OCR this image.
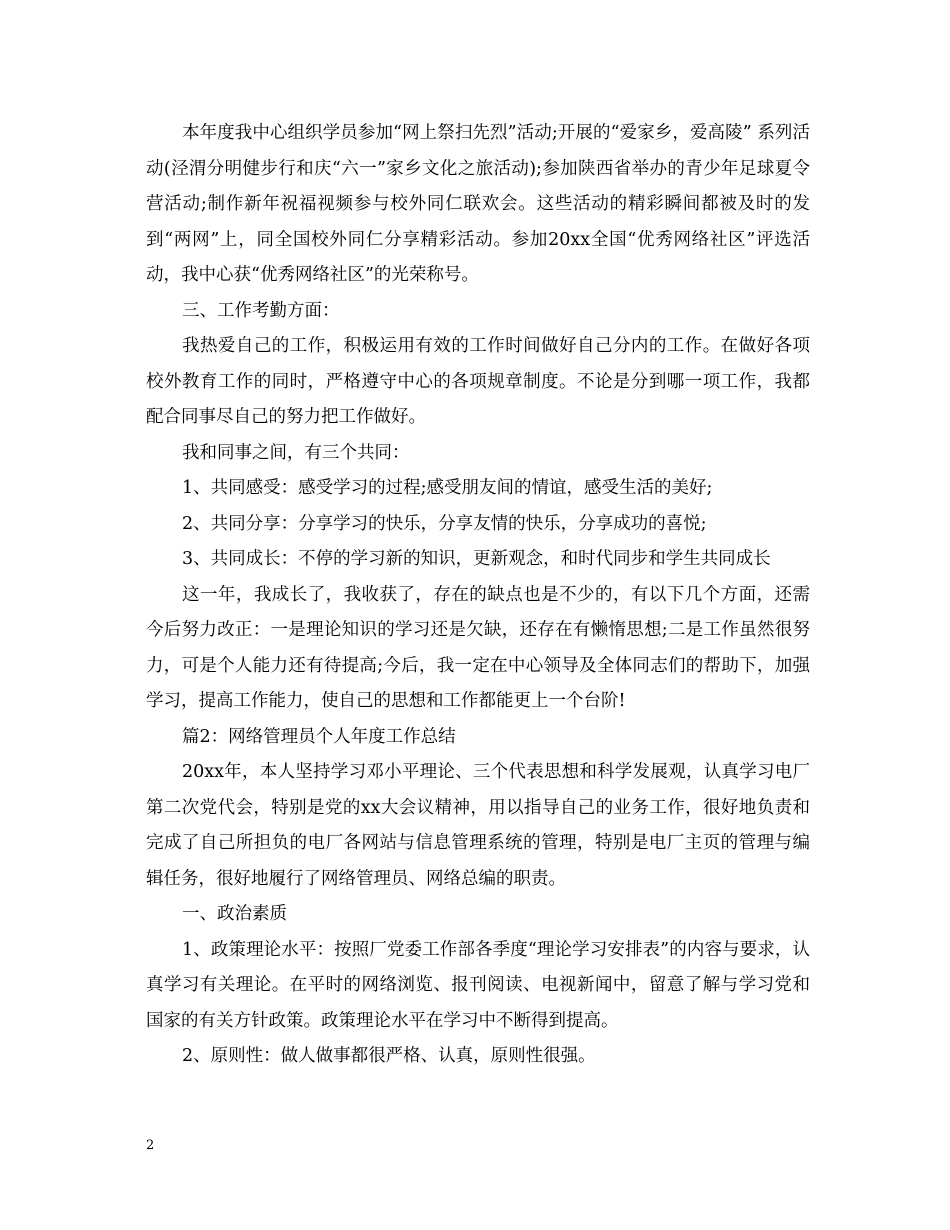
本年度我中心组织学员参加“网上祭扫先烈”活动;开展的“爱家乡，爱高陵” 系列活动(泾渭分明健步行和庆“六一”家乡文化之旅活动);参加陕西省举办的青少年足球夏令营活动;制作新年祝福视频参与校外同仁联欢会。这些活动的精彩瞬间都被及时的发到“两网”上，同全国校外同仁分享精彩活动。参加20xx全国“优秀网络社区”评选活动，我中心获“优秀网络社区”的光荣称号。

三、工作考勤方面：

我热爱自己的工作，积极运用有效的工作时间做好自己分内的工作。在做好各项校外教育工作的同时，严格遵守中心的各项规章制度。不论是分到哪一项工作，我都配合同事尽自己的努力把工作做好。

我和同事之间，有三个共同：

1、共同感受：感受学习的过程;感受朋友间的情谊，感受生活的美好;

2、共同分享：分享学习的快乐，分享友情的快乐，分享成功的喜悦;

3、共同成长：不停的学习新的知识，更新观念，和时代同步和学生共同成长

这一年，我成长了，我收获了，存在的缺点也是不少的，有以下几个方面，还需今后努力改正：一是理论知识的学习还是欠缺，还存在有懒惰思想;二是工作虽然很努力，可是个人能力还有待提高;今后，我一定在中心领导及全体同志们的帮助下，加强学习，提高工作能力，使自己的思想和工作都能更上一个台阶!

篇2：网络管理员个人年度工作总结

20xx年，本人坚持学习邓小平理论、三个代表思想和科学发展观，认真学习电厂第二次党代会，特别是党的xx大会议精神，用以指导自己的业务工作，很好地负责和完成了自己所担负的电厂各网站与信息管理系统的管理，特别是电厂主页的管理与编辑任务，很好地履行了网络管理员、网络总编的职责。

一、政治素质

1、政策理论水平：按照厂党委工作部各季度“理论学习安排表”的内容与要求，认真学习有关理论。在平时的网络浏览、报刊阅读、电视新闻中，留意了解与学习党和国家的有关方针政策。政策理论水平在学习中不断得到提高。

2、原则性：做人做事都很严格、认真，原则性很强。

2
